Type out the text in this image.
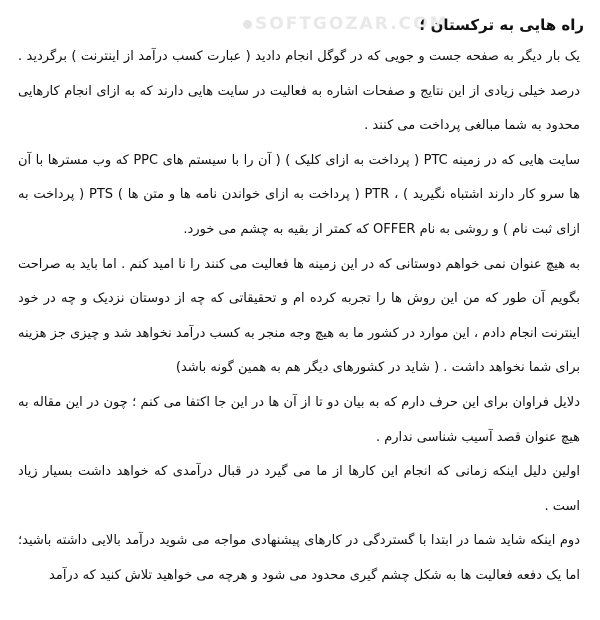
SOFTGOZAR.COM
راه هایی به ترکستان ؛

یک بار دیگر به صفحه جست و جویی که در گوگل انجام دادید ( عبارت کسب درآمد از اینترنت ) برگردید . درصد خیلی زیادی از این نتایج و صفحات اشاره به فعالیت در سایت هایی دارند که به ازای انجام کارهایی محدود به شما مبالغی پرداخت می کنند .

سایت هایی که در زمینه PTC ( پرداخت به ازای کلیک ) ( آن را با سیستم های PPC که وب مسترها با آن ها سرو کار دارند اشتباه نگیرید ) ، PTR ( پرداخت به ازای خواندن نامه ها و متن ها ) PTS ( پرداخت به ازای ثبت نام ) و روشی به نام OFFER که کمتر از بقیه به چشم می خورد.

به هیچ عنوان نمی خواهم دوستانی که در این زمینه ها فعالیت می کنند را نا امید کنم . اما باید به صراحت بگویم آن طور که من این روش ها را تجربه کرده ام و تحقیقاتی که چه از دوستان نزدیک و چه در خود اینترنت انجام دادم ، این موارد در کشور ما به هیچ وجه منجر به کسب درآمد نخواهد شد و چیزی جز هزینه برای شما نخواهد داشت . ( شاید در کشورهای دیگر هم به همین گونه باشد)

دلایل فراوان برای این حرف دارم که به بیان دو تا از آن ها در این جا اکتفا می کنم ؛ چون در این مقاله به هیچ عنوان قصد آسیب شناسی ندارم .

اولین دلیل اینکه زمانی که انجام این کارها از ما می گیرد در قبال درآمدی که خواهد داشت بسیار زیاد است .

دوم اینکه شاید شما در ابتدا با گستردگی در کارهای پیشنهادی مواجه می شوید درآمد بالایی داشته باشید؛ اما یک دفعه فعالیت ها به شکل چشم گیری محدود می شود و هرچه می خواهید تلاش کنید که درآمد
